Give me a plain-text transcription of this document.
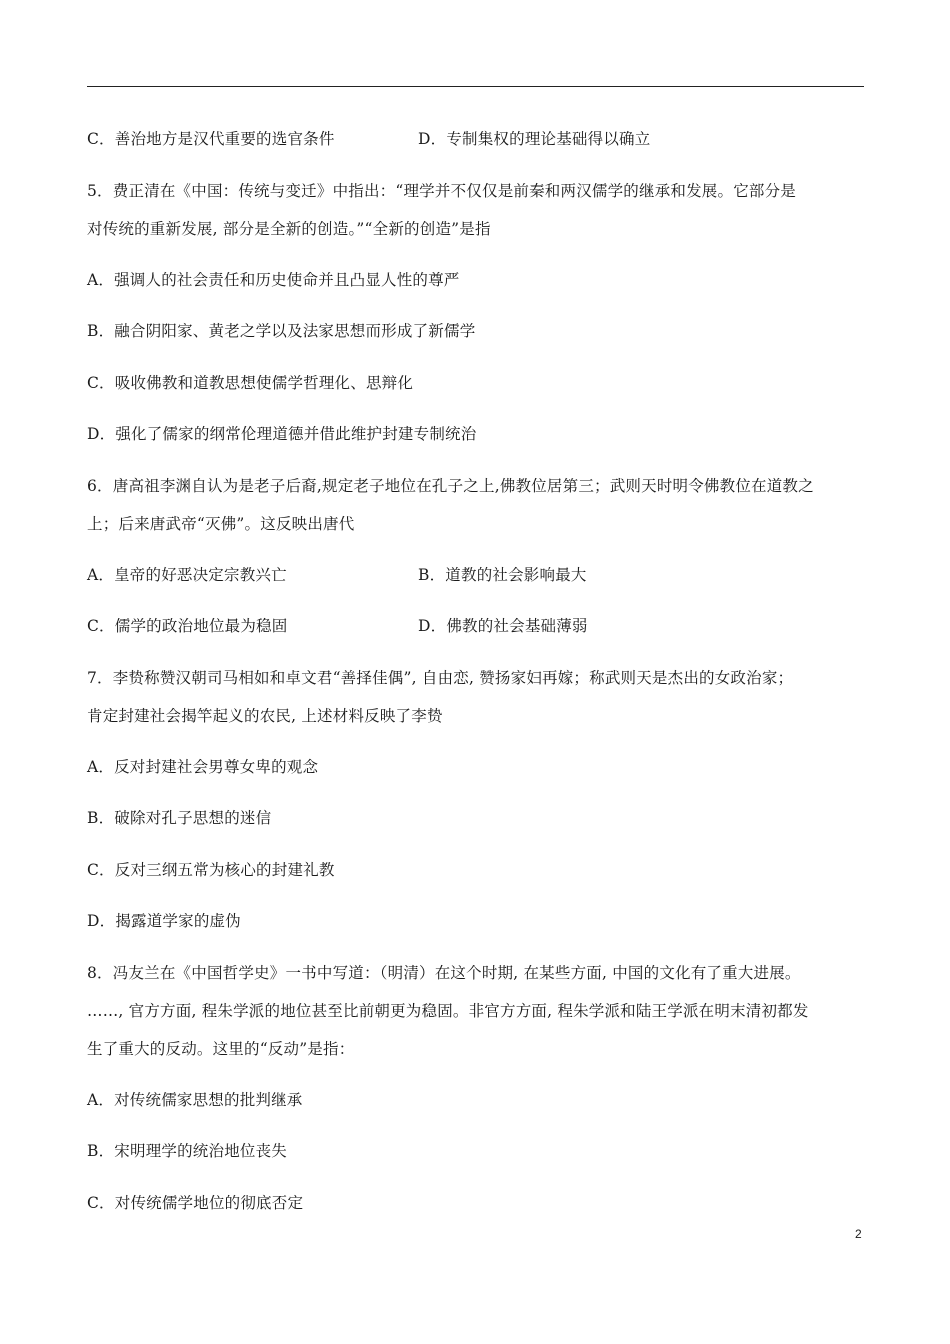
C．善治地方是汉代重要的选官条件	D．专制集权的理论基础得以确立
5．费正清在《中国：传统与变迁》中指出：“理学并不仅仅是前秦和两汉儒学的继承和发展。它部分是
对传统的重新发展, 部分是全新的创造。”“全新的创造”是指
A．强调人的社会责任和历史使命并且凸显人性的尊严
B．融合阴阳家、黄老之学以及法家思想而形成了新儒学
C．吸收佛教和道教思想使儒学哲理化、思辩化
D．强化了儒家的纲常伦理道德并借此维护封建专制统治
6．唐高祖李渊自认为是老子后裔,规定老子地位在孔子之上,佛教位居第三；武则天时明令佛教位在道教之
上；后来唐武帝“灭佛”。这反映出唐代
A．皇帝的好恶决定宗教兴亡	B．道教的社会影响最大
C．儒学的政治地位最为稳固	D．佛教的社会基础薄弱
7．李贽称赞汉朝司马相如和卓文君“善择佳偶”, 自由恋, 赞扬家妇再嫁；称武则天是杰出的女政治家；
肯定封建社会揭竿起义的农民, 上述材料反映了李贽
A．反对封建社会男尊女卑的观念
B．破除对孔子思想的迷信
C．反对三纲五常为核心的封建礼教
D．揭露道学家的虚伪
8．冯友兰在《中国哲学史》一书中写道：（明清）在这个时期, 在某些方面, 中国的文化有了重大进展。
……, 官方方面, 程朱学派的地位甚至比前朝更为稳固。非官方方面, 程朱学派和陆王学派在明末清初都发
生了重大的反动。这里的“反动”是指：
A．对传统儒家思想的批判继承
B．宋明理学的统治地位丧失
C．对传统儒学地位的彻底否定
2
